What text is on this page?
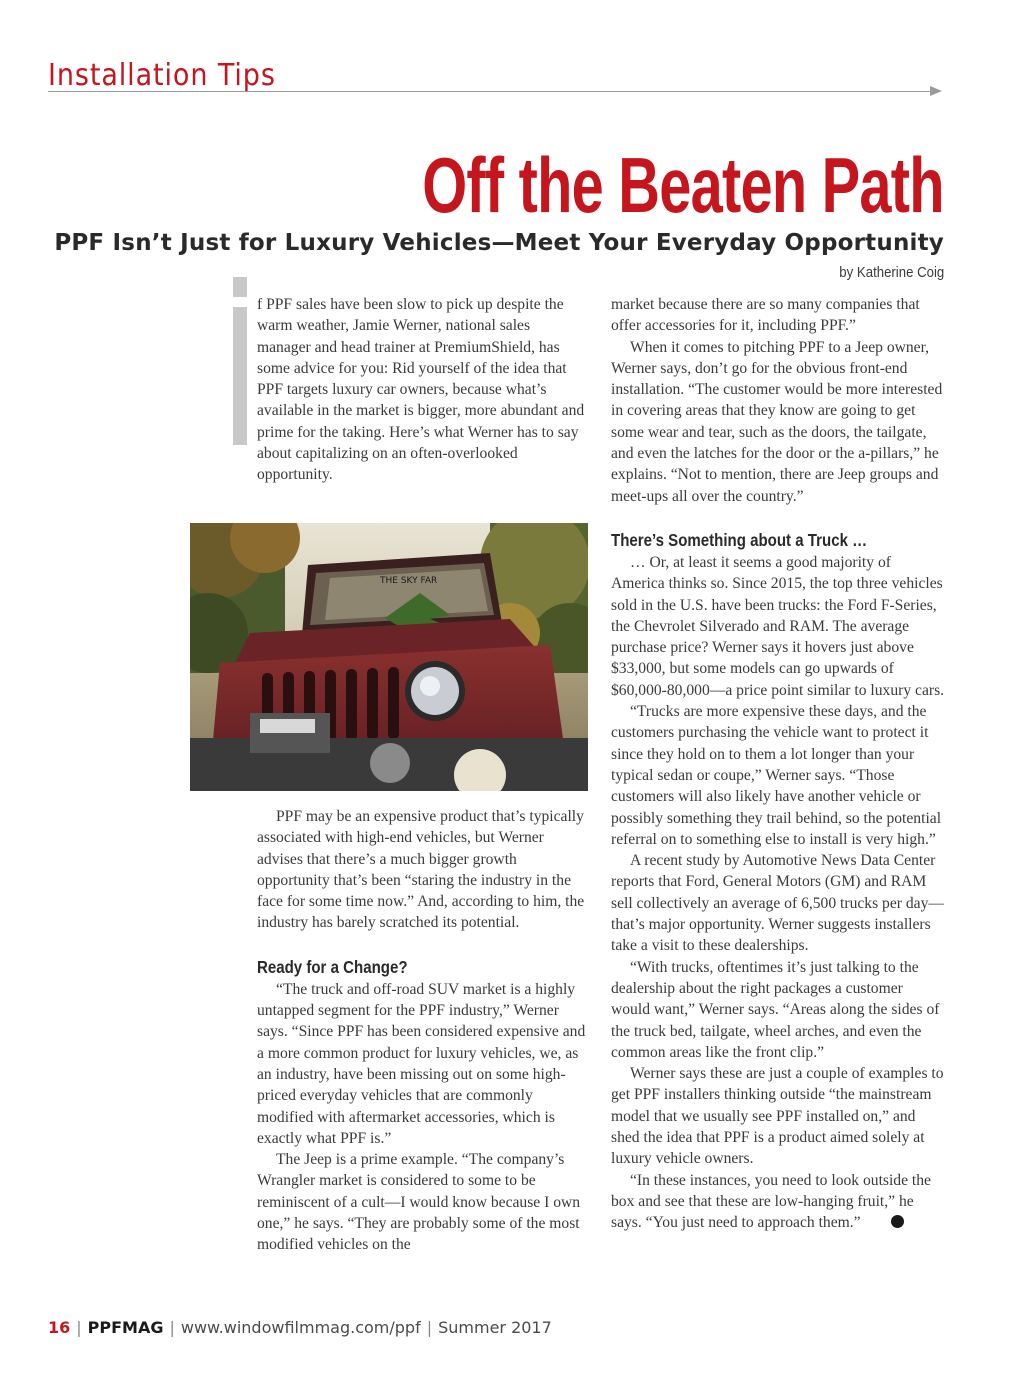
Installation Tips
Off the Beaten Path
PPF Isn’t Just for Luxury Vehicles—Meet Your Everyday Opportunity
by Katherine Coig

f PPF sales have been slow to pick up despite the warm weather, Jamie Werner, national sales manager and head trainer at PremiumShield, has some advice for you: Rid yourself of the idea that PPF targets luxury car owners, because what’s available in the market is bigger, more abundant and prime for the taking. Here’s what Werner has to say about capitalizing on an often-overlooked opportunity.

THE SKY FAR

PPF may be an expensive product that’s typically associated with high-end vehicles, but Werner advises that there’s a much bigger growth opportunity that’s been “staring the industry in the face for some time now.” And, according to him, the industry has barely scratched its potential.

Ready for a Change?

“The truck and off-road SUV market is a highly untapped segment for the PPF industry,” Werner says. “Since PPF has been considered expensive and a more common product for luxury vehicles, we, as an industry, have been missing out on some high-priced everyday vehicles that are commonly modified with aftermarket accessories, which is exactly what PPF is.”

The Jeep is a prime example. “The company’s Wrangler market is considered to some to be reminiscent of a cult—I would know because I own one,” he says. “They are probably some of the most modified vehicles on the

market because there are so many companies that offer accessories for it, including PPF.”

When it comes to pitching PPF to a Jeep owner, Werner says, don’t go for the obvious front-end installation. “The customer would be more interested in covering areas that they know are going to get some wear and tear, such as the doors, the tailgate, and even the latches for the door or the a-pillars,” he explains. “Not to mention, there are Jeep groups and meet-ups all over the country.”

There’s Something about a Truck …

… Or, at least it seems a good majority of America thinks so. Since 2015, the top three vehicles sold in the U.S. have been trucks: the Ford F-Series, the Chevrolet Silverado and RAM. The average purchase price? Werner says it hovers just above $33,000, but some models can go upwards of $60,000-80,000—a price point similar to luxury cars.

“Trucks are more expensive these days, and the customers purchasing the vehicle want to protect it since they hold on to them a lot longer than your typical sedan or coupe,” Werner says. “Those customers will also likely have another vehicle or possibly something they trail behind, so the potential referral on to something else to install is very high.”

A recent study by Automotive News Data Center reports that Ford, General Motors (GM) and RAM sell collectively an average of 6,500 trucks per day—that’s major opportunity. Werner suggests installers take a visit to these dealerships.

“With trucks, oftentimes it’s just talking to the dealership about the right packages a customer would want,” Werner says. “Areas along the sides of the truck bed, tailgate, wheel arches, and even the common areas like the front clip.”

Werner says these are just a couple of examples to get PPF installers thinking outside “the mainstream model that we usually see PPF installed on,” and shed the idea that PPF is a product aimed solely at luxury vehicle owners.

“In these instances, you need to look outside the box and see that these are low-hanging fruit,” he says. “You just need to approach them.”

16 | PPFMAG | www.windowfilmmag.com/ppf | Summer 2017
